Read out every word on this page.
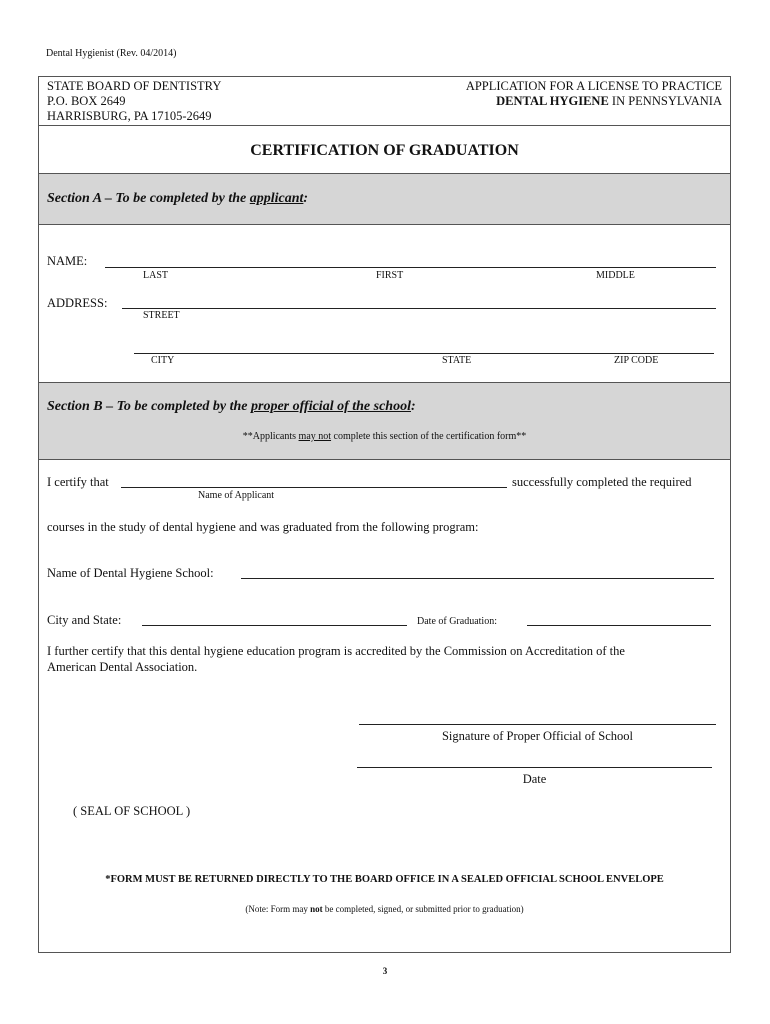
Dental Hygienist (Rev. 04/2014)
STATE BOARD OF DENTISTRY
P.O. BOX 2649
HARRISBURG, PA 17105-2649
APPLICATION FOR A LICENSE TO PRACTICE
DENTAL HYGIENE IN PENNSYLVANIA
CERTIFICATION OF GRADUATION
Section A – To be completed by the applicant:
NAME:
LAST	FIRST	MIDDLE
ADDRESS:
STREET
CITY	STATE	ZIP CODE
Section B – To be completed by the proper official of the school:
**Applicants may not complete this section of the certification form**
I certify that	successfully completed the required
Name of Applicant
courses in the study of dental hygiene and was graduated from the following program:
Name of Dental Hygiene School:
City and State:	Date of Graduation:
I further certify that this dental hygiene education program is accredited by the Commission on Accreditation of the
American Dental Association.
Signature of Proper Official of School
Date
( SEAL OF SCHOOL )
*FORM MUST BE RETURNED DIRECTLY TO THE BOARD OFFICE IN A SEALED OFFICIAL SCHOOL ENVELOPE
(Note: Form may not be completed, signed, or submitted prior to graduation)
3
